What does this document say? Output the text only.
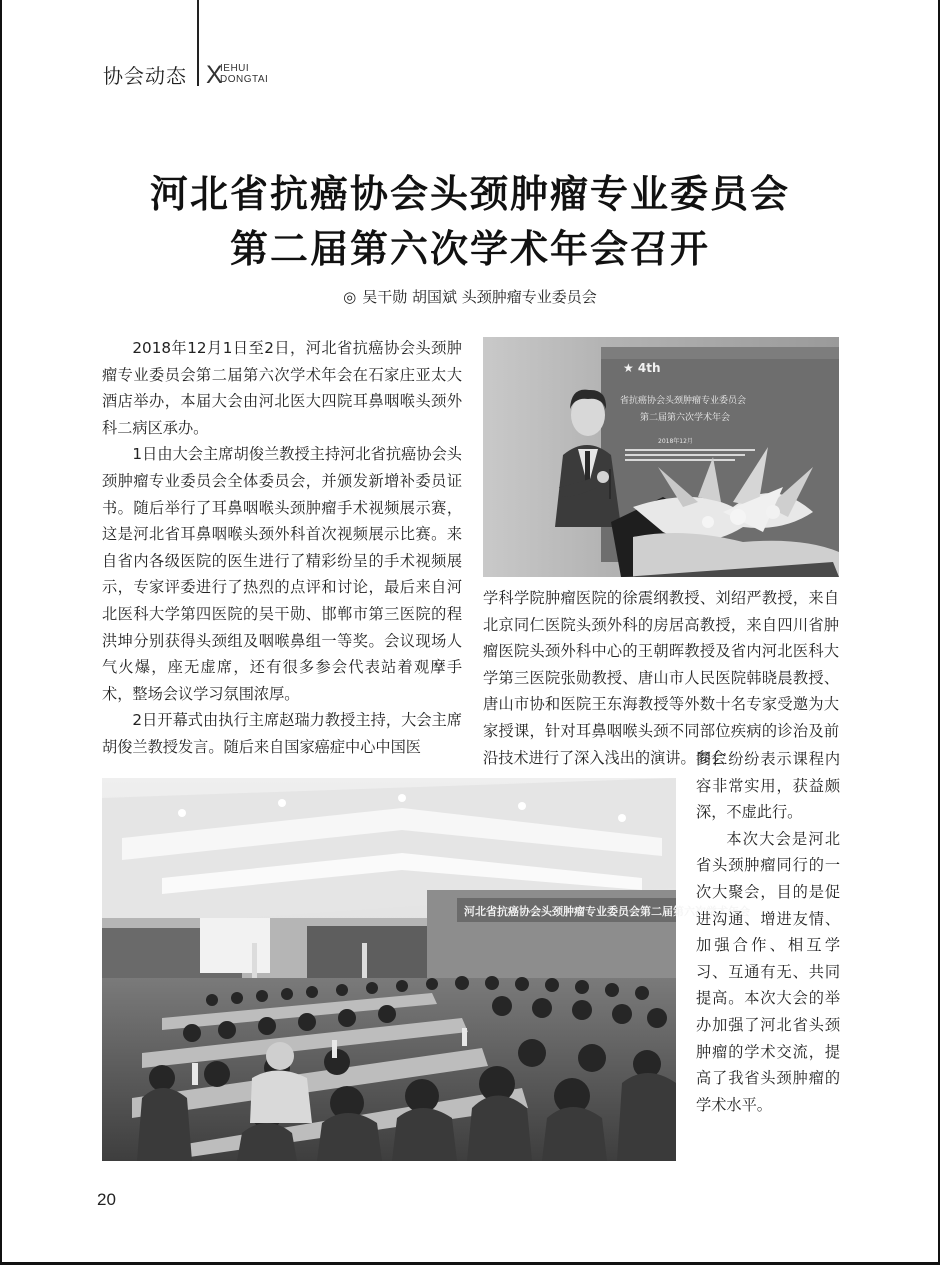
协会动态 X
IEHUI
DONGTAI
河北省抗癌协会头颈肿瘤专业委员会
第二届第六次学术年会召开
◎ 吴干勋 胡国斌 头颈肿瘤专业委员会

2018年12月1日至2日，河北省抗癌协会头颈肿瘤专业委员会第二届第六次学术年会在石家庄亚太大酒店举办，本届大会由河北医大四院耳鼻咽喉头颈外科二病区承办。

1日由大会主席胡俊兰教授主持河北省抗癌协会头颈肿瘤专业委员会全体委员会，并颁发新增补委员证书。随后举行了耳鼻咽喉头颈肿瘤手术视频展示赛，这是河北省耳鼻咽喉头颈外科首次视频展示比赛。来自省内各级医院的医生进行了精彩纷呈的手术视频展示，专家评委进行了热烈的点评和讨论，最后来自河北医科大学第四医院的吴干勋、邯郸市第三医院的程洪坤分别获得头颈组及咽喉鼻组一等奖。会议现场人气火爆，座无虚席，还有很多参会代表站着观摩手术，整场会议学习氛围浓厚。

2日开幕式由执行主席赵瑞力教授主持，大会主席胡俊兰教授发言。随后来自国家癌症中心中国医

★ 4th
省抗癌协会头颈肿瘤专业委员会
第二届第六次学术年会
2018年12月

学科学院肿瘤医院的徐震纲教授、刘绍严教授，来自北京同仁医院头颈外科的房居高教授，来自四川省肿瘤医院头颈外科中心的王朝晖教授及省内河北医科大学第三医院张勋教授、唐山市人民医院韩晓晨教授、唐山市协和医院王东海教授等外数十名专家受邀为大家授课，针对耳鼻咽喉头颈不同部位疾病的诊治及前沿技术进行了深入浅出的演讲。参会

河北省抗癌协会头颈肿瘤专业委员会第二届第六次学术年会

同仁纷纷表示课程内容非常实用，获益颇深，不虚此行。

本次大会是河北省头颈肿瘤同行的一次大聚会，目的是促进沟通、增进友情、加强合作、相互学习、互通有无、共同提高。本次大会的举办加强了河北省头颈肿瘤的学术交流，提高了我省头颈肿瘤的学术水平。

20
